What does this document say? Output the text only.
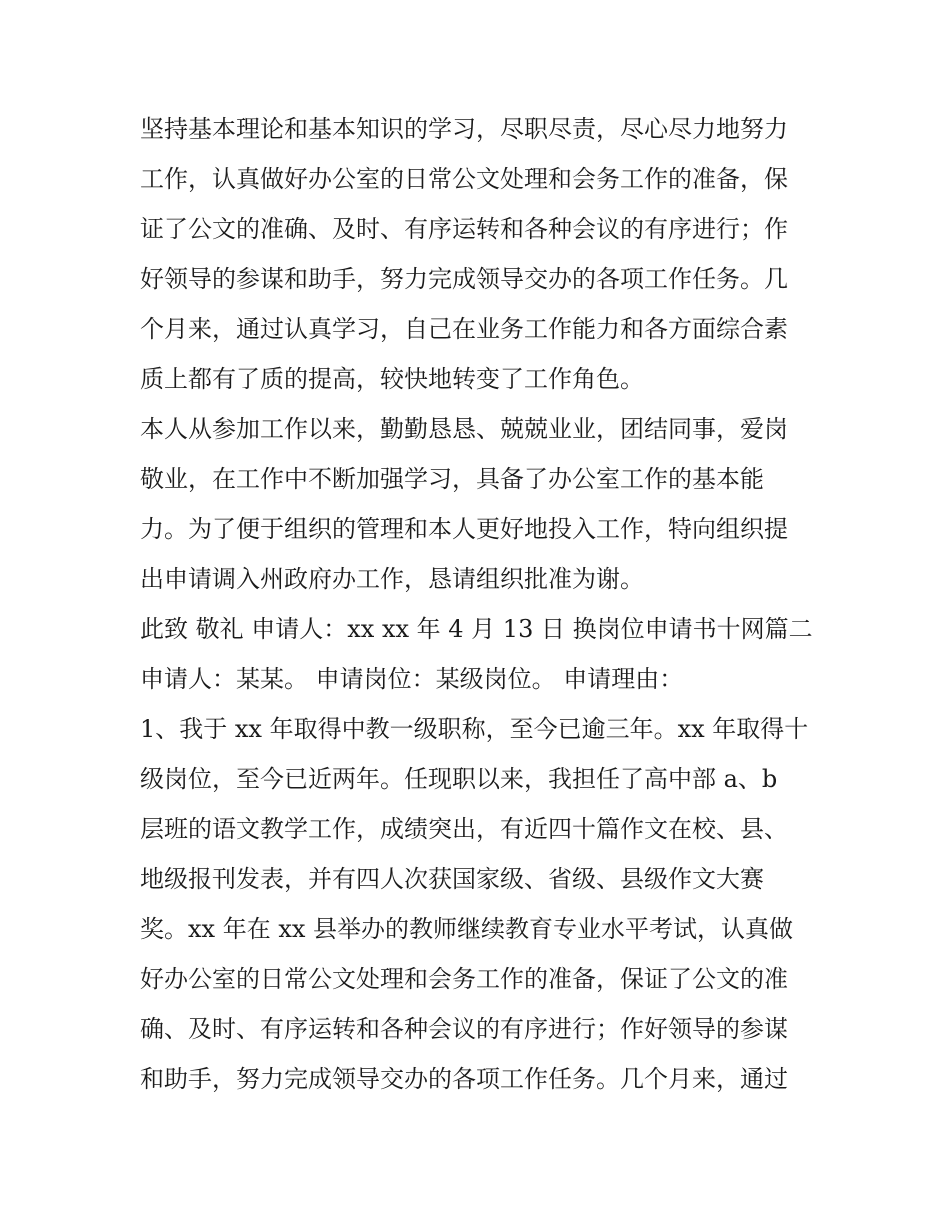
坚持基本理论和基本知识的学习，尽职尽责，尽心尽力地努力
工作，认真做好办公室的日常公文处理和会务工作的准备，保
证了公文的准确、及时、有序运转和各种会议的有序进行；作
好领导的参谋和助手，努力完成领导交办的各项工作任务。几
个月来，通过认真学习，自己在业务工作能力和各方面综合素
质上都有了质的提高，较快地转变了工作角色。
本人从参加工作以来，勤勤恳恳、兢兢业业，团结同事，爱岗
敬业，在工作中不断加强学习，具备了办公室工作的基本能
力。为了便于组织的管理和本人更好地投入工作，特向组织提
出申请调入州政府办工作，恳请组织批准为谢。
此致 敬礼 申请人：xx xx 年 4 月 13 日 换岗位申请书十网篇二
申请人：某某。 申请岗位：某级岗位。 申请理由：
1、我于 xx 年取得中教一级职称，至今已逾三年。xx 年取得十
级岗位，至今已近两年。任现职以来，我担任了高中部 a、b
层班的语文教学工作，成绩突出，有近四十篇作文在校、县、
地级报刊发表，并有四人次获国家级、省级、县级作文大赛
奖。xx 年在 xx 县举办的教师继续教育专业水平考试，认真做
好办公室的日常公文处理和会务工作的准备，保证了公文的准
确、及时、有序运转和各种会议的有序进行；作好领导的参谋
和助手，努力完成领导交办的各项工作任务。几个月来，通过
